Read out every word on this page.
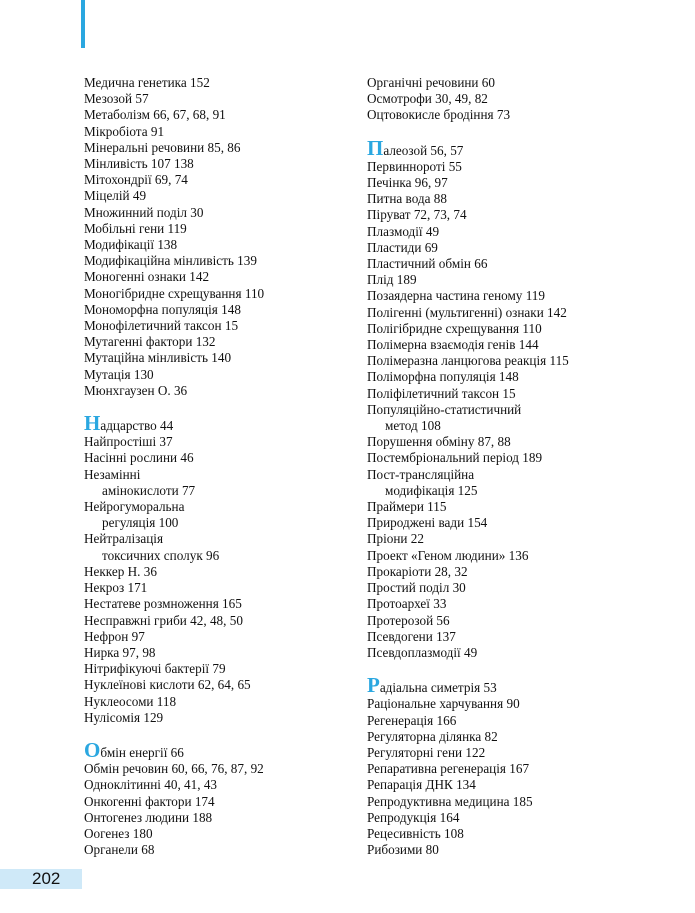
Медична генетика 152
Мезозой 57
Метаболізм 66, 67, 68, 91
Мікробіота 91
Мінеральні речовини 85, 86
Мінливість 107 138
Мітохондрії 69, 74
Міцелій 49
Множинний поділ 30
Мобільні гени 119
Модифікації 138
Модифікаційна мінливість 139
Моногенні ознаки 142
Моногібридне схрещування 110
Мономорфна популяція 148
Монофілетичний таксон 15
Мутагенні фактори 132
Мутаційна мінливість 140
Мутація 130
Мюнхгаузен О. 36
Н адцарство 44
Найпростіші 37
Насінні рослини 46
Незамінні
амінокислоти 77
Нейрогуморальна
регуляція 100
Нейтралізація
токсичних сполук 96
Неккер Н. 36
Некроз 171
Нестатеве розмноження 165
Несправжні гриби 42, 48, 50
Нефрон 97
Нирка 97, 98
Нітрифікуючі бактерії 79
Нуклеїнові кислоти 62, 64, 65
Нуклеосоми 118
Нулісомія 129
О бмін енергії 66
Обмін речовин 60, 66, 76, 87, 92
Одноклітинні 40, 41, 43
Онкогенні фактори 174
Онтогенез людини 188
Оогенез 180
Органели 68
Органічні речовини 60
Осмотрофи 30, 49, 82
Оцтовокисле бродіння 73
П алеозой 56, 57
Первиннороті 55
Печінка 96, 97
Питна вода 88
Піруват 72, 73, 74
Плазмодії 49
Пластиди 69
Пластичний обмін 66
Плід 189
Позаядерна частина геному 119
Полігенні (мультигенні) ознаки 142
Полігібридне схрещування 110
Полімерна взаємодія генів 144
Полімеразна ланцюгова реакція 115
Поліморфна популяція 148
Поліфілетичний таксон 15
Популяційно-статистичний
метод 108
Порушення обміну 87, 88
Постембріональний період 189
Пост-трансляційна
модифікація 125
Праймери 115
Природжені вади 154
Пріони 22
Проект «Геном людини» 136
Прокаріоти 28, 32
Простий поділ 30
Протоархеї 33
Протерозой 56
Псевдогени 137
Псевдоплазмодії 49
Р адіальна симетрія 53
Раціональне харчування 90
Регенерація 166
Регуляторна ділянка 82
Регуляторні гени 122
Репаративна регенерація 167
Репарація ДНК 134
Репродуктивна медицина 185
Репродукція 164
Рецесивність 108
Рибозими 80
202
